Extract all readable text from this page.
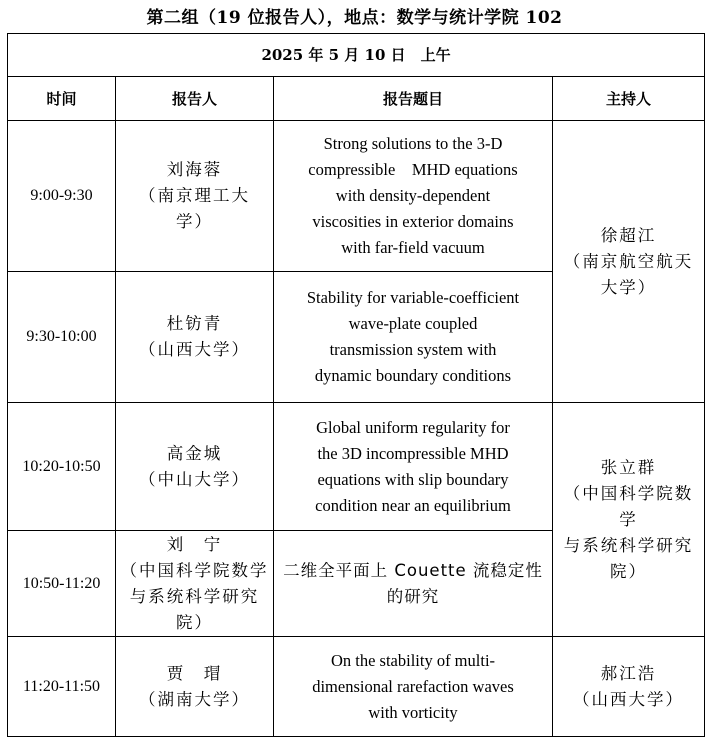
第二组（19 位报告人），地点：数学与统计学院 102
2025 年 5 月 10 日　上午			
时间	报告人	报告题目	主持人
9:00-9:30	刘海蓉
（南京理工大
学）	Strong solutions to the 3-D
compressible　MHD equations
with density-dependent
viscosities in exterior domains
with far-field vacuum	徐超江
（南京航空航天
大学）

9:30-10:00	杜钫青
（山西大学）	Stability for variable-coefficient
wave-plate coupled
transmission system with
dynamic boundary conditions	

10:20-10:50	高金城
（中山大学）	Global uniform regularity for
the 3D incompressible MHD
equations with slip boundary
condition near an equilibrium	张立群
（中国科学院数学
与系统科学研究
院）

10:50-11:20	刘　宁
（中国科学院数学
与系统科学研究
院）	二维全平面上 Couette 流稳定性
的研究	

11:20-11:50	贾　瑁
（湖南大学）	On the stability of multi-
dimensional rarefaction waves
with vorticity	郝江浩
（山西大学）
